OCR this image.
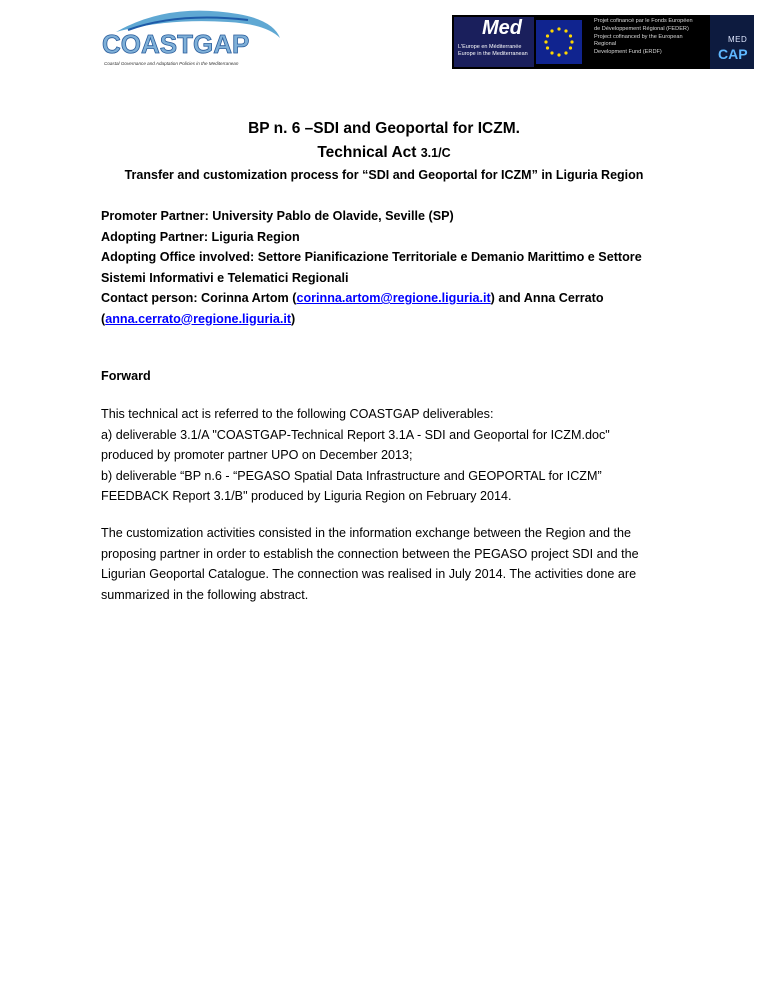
COASTGAP
Coastal Governance and Adaptation Policies in the Mediterranean
Med
L'Europe en Méditerranée
Europe in the Mediterranean
Projet cofinancé par le Fonds Européen
de Développement Régional (FEDER)
Project cofinanced by the European Regional
Development Fund (ERDF)
MED
CAP
BP n. 6 –SDI and Geoportal for ICZM.
Technical Act 3.1/C
Transfer and customization process for “SDI and Geoportal for ICZM” in Liguria Region
Promoter Partner: University Pablo de Olavide, Seville (SP)
Adopting Partner: Liguria Region
Adopting Office involved: Settore Pianificazione Territoriale e Demanio Marittimo e Settore
Sistemi Informativi e Telematici Regionali
Contact person: Corinna Artom (corinna.artom@regione.liguria.it) and Anna Cerrato
(anna.cerrato@regione.liguria.it)
Forward
This technical act is referred to the following COASTGAP deliverables:
a) deliverable 3.1/A "COASTGAP-Technical Report 3.1A - SDI and Geoportal for ICZM.doc"
produced by promoter partner UPO on December 2013;
b) deliverable “BP n.6 - “PEGASO Spatial Data Infrastructure and GEOPORTAL for ICZM”
FEEDBACK Report 3.1/B" produced by Liguria Region on February 2014.
The customization activities consisted in the information exchange between the Region and the
proposing partner in order to establish the connection between the PEGASO project SDI and the
Ligurian Geoportal Catalogue. The connection was realised in July 2014. The activities done are
summarized in the following abstract.
